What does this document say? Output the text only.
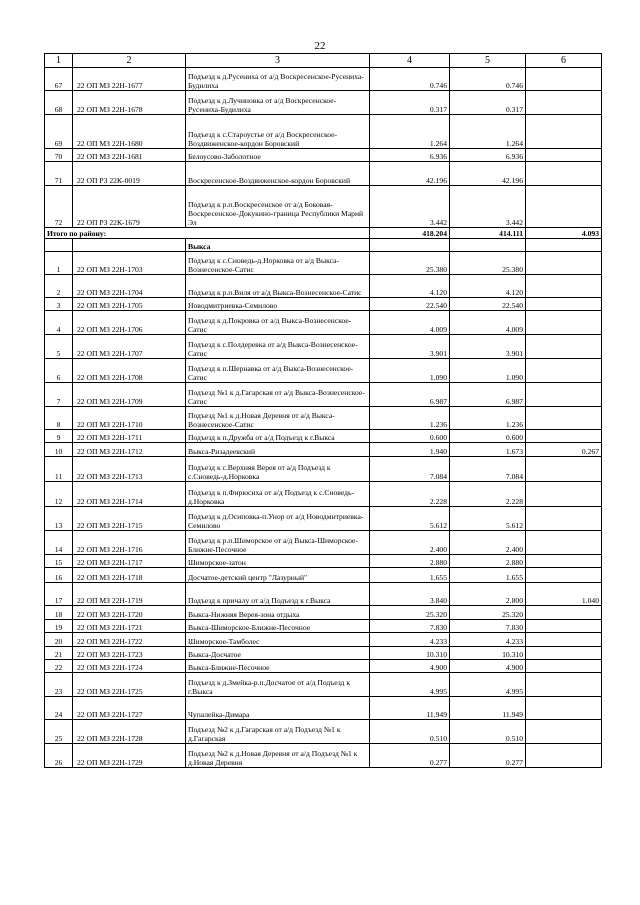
22
1	2	3	4	5	6
67	22 ОП МЗ 22Н-1677	Подъезд к д.Русениха от а/д Воскресенское-Русениха-Будилиха	0.746	0.746	
68	22 ОП МЗ 22Н-1678	Подъезд к д.Лучиновка от а/д Воскресенское-Русениха-Будилиха	0.317	0.317	
69	22 ОП МЗ 22Н-1680	Подъезд к с.Староустье от а/д Воскресенское-Воздвиженское-кордон Боровский	1.264	1.264	
70	22 ОП МЗ 22Н-1681	Белоусово-Заболотное	6.936	6.936	
71	22 ОП РЗ 22К-0019	Воскресенское-Воздвиженское-кордон Боровский	42.196	42.196	
72	22 ОП РЗ 22К-1679	Подъезд к р.п.Воскресенское от а/д Боковая-Воскресенское-Докукино-граница Республики Марий Эл	3.442	3.442	
Итого по району:			418.204	414.111	4.093
		Выкса			
1	22 ОП МЗ 22Н-1703	Подъезд к с.Сноведь-д.Норковка от а/д Выкса-Вознесенское-Сатис	25.380	25.380	
2	22 ОП МЗ 22Н-1704	Подъезд к р.п.Виля от а/д Выкса-Вознесенское-Сатис	4.120	4.120	
3	22 ОП МЗ 22Н-1705	Новодмитриевка-Семилово	22.540	22.540	
4	22 ОП МЗ 22Н-1706	Подъезд к д.Покровка от а/д Выкса-Вознесенское-Сатис	4.009	4.009	
5	22 ОП МЗ 22Н-1707	Подъезд к с.Полдеревка от а/д Выкса-Вознесенское-Сатис	3.901	3.901	
6	22 ОП МЗ 22Н-1708	Подъезд к п.Шернавка от а/д Выкса-Вознесенское-Сатис	1.090	1.090	
7	22 ОП МЗ 22Н-1709	Подъезд №1 к д.Гагарская от а/д Выкса-Вознесенское-Сатис	6.987	6.987	
8	22 ОП МЗ 22Н-1710	Подъезд №1 к д.Новая Деревня от а/д Выкса-Вознесенское-Сатис	1.236	1.236	
9	22 ОП МЗ 22Н-1711	Подъезд к п.Дружба от а/д Подъезд к г.Выкса	0.600	0.600	
10	22 ОП МЗ 22Н-1712	Выкса-Ризадеевский	1.940	1.673	0.267
11	22 ОП МЗ 22Н-1713	Подъезд к с.Верхняя Верея от а/д Подъезд к с.Сноведь-д.Норковка	7.084	7.084	
12	22 ОП МЗ 22Н-1714	Подъезд к п.Фирюсиха от а/д Подъезд к с.Сноведь-д.Норковка	2.228	2.228	
13	22 ОП МЗ 22Н-1715	Подъезд к д.Осиповка-п.Унор от а/д Новодмитриевка-Семилово	5.612	5.612	
14	22 ОП МЗ 22Н-1716	Подъезд к р.п.Шиморское от а/д Выкса-Шиморское-Ближне-Песочное	2.400	2.400	
15	22 ОП МЗ 22Н-1717	Шиморское-затон	2.880	2.880	
16	22 ОП МЗ 22Н-1718	Досчатое-детский центр "Лазурный"	1.655	1.655	
17	22 ОП МЗ 22Н-1719	Подъезд к причалу от а/д Подъезд к г.Выкса	3.840	2.800	1.040
18	22 ОП МЗ 22Н-1720	Выкса-Нижняя Верея-зона отдыха	25.320	25.320	
19	22 ОП МЗ 22Н-1721	Выкса-Шиморское-Ближне-Песочное	7.830	7.830	
20	22 ОП МЗ 22Н-1722	Шиморское-Тамболес	4.233	4.233	
21	22 ОП МЗ 22Н-1723	Выкса-Досчатое	10.310	10.310	
22	22 ОП МЗ 22Н-1724	Выкса-Ближне-Песочное	4.900	4.900	
23	22 ОП МЗ 22Н-1725	Подъезд к д.Змейка-р.п.Досчатое от а/д Подъезд к г.Выкса	4.995	4.995	
24	22 ОП МЗ 22Н-1727	Чупалейка-Димара	11.949	11.949	
25	22 ОП МЗ 22Н-1728	Подъезд №2 к д.Гагарская от а/д Подъезд №1 к д.Гагарская	0.510	0.510	
26	22 ОП МЗ 22Н-1729	Подъезд №2 к д.Новая Деревня от а/д Подъезд №1 к д.Новая Деревня	0.277	0.277	
